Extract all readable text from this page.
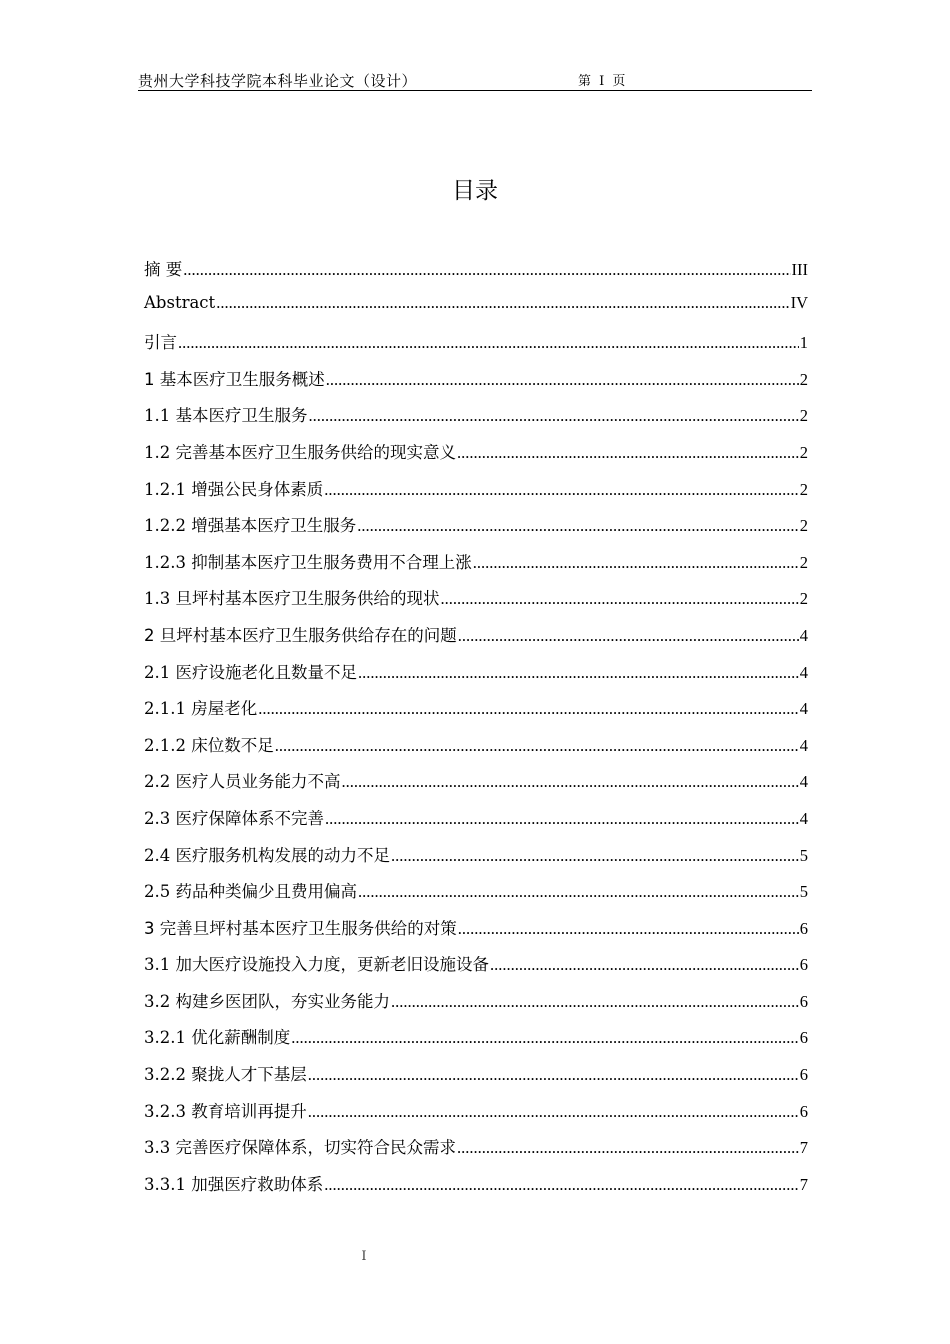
贵州大学科技学院本科毕业论文（设计）	第 I 页
目录
摘 要 .....	III
Abstract .....	IV
引言 .....	1
1 基本医疗卫生服务概述 .....	2
1.1 基本医疗卫生服务 .....	2
1.2 完善基本医疗卫生服务供给的现实意义 .....	2
1.2.1 增强公民身体素质 .....	2
1.2.2 增强基本医疗卫生服务 .....	2
1.2.3 抑制基本医疗卫生服务费用不合理上涨 .....	2
1.3 旦坪村基本医疗卫生服务供给的现状 .....	2
2 旦坪村基本医疗卫生服务供给存在的问题 .....	4
2.1 医疗设施老化且数量不足 .....	4
2.1.1 房屋老化 .....	4
2.1.2 床位数不足 .....	4
2.2 医疗人员业务能力不高 .....	4
2.3 医疗保障体系不完善 .....	4
2.4 医疗服务机构发展的动力不足 .....	5
2.5 药品种类偏少且费用偏高 .....	5
3 完善旦坪村基本医疗卫生服务供给的对策 .....	6
3.1 加大医疗设施投入力度，更新老旧设施设备 .....	6
3.2 构建乡医团队，夯实业务能力 .....	6
3.2.1 优化薪酬制度 .....	6
3.2.2 聚拢人才下基层 .....	6
3.2.3 教育培训再提升 .....	6
3.3 完善医疗保障体系，切实符合民众需求 .....	7
3.3.1 加强医疗救助体系 .....	7
I
